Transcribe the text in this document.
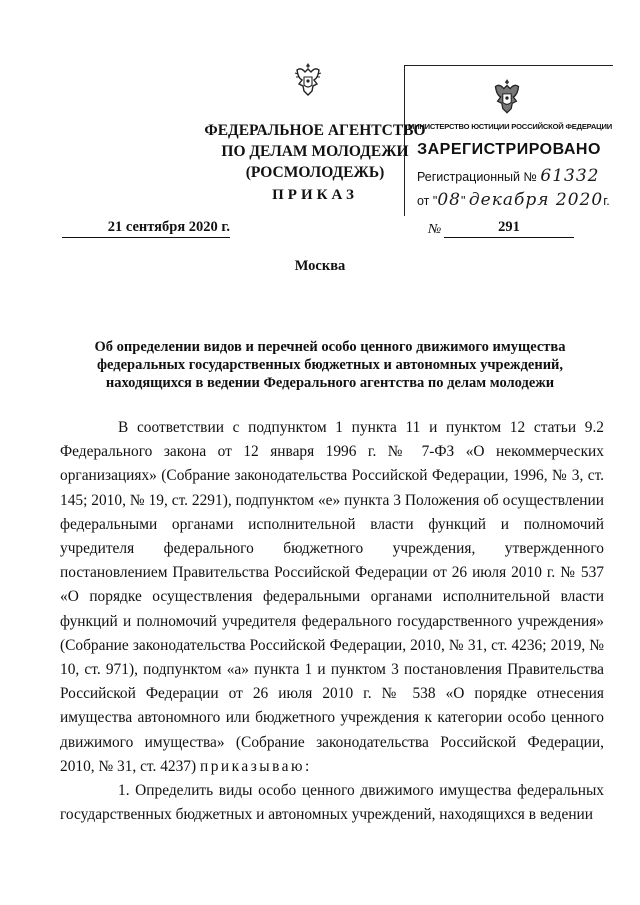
ФЕДЕРАЛЬНОЕ АГЕНТСТВО
ПО ДЕЛАМ МОЛОДЕЖИ
(РОСМОЛОДЕЖЬ)
ПРИКАЗ
21 сентября 2020 г.	№	291
Москва
МИНИСТЕРСТВО ЮСТИЦИИ РОССИЙСКОЙ ФЕДЕРАЦИИ
ЗАРЕГИСТРИРОВАНО
Регистрационный № 61332
от "08" декабря 2020г.
Об определении видов и перечней особо ценного движимого имущества
федеральных государственных бюджетных и автономных учреждений,
находящихся в ведении Федерального агентства по делам молодежи

В соответствии с подпунктом 1 пункта 11 и пунктом 12 статьи 9.2 Федерального закона от 12 января 1996 г. № 7-ФЗ «О некоммерческих организациях» (Собрание законодательства Российской Федерации, 1996, № 3, ст. 145; 2010, № 19, ст. 2291), подпунктом «е» пункта 3 Положения об осуществлении федеральными органами исполнительной власти функций и полномочий учредителя федерального бюджетного учреждения, утвержденного постановлением Правительства Российской Федерации от 26 июля 2010 г. № 537 «О порядке осуществления федеральными органами исполнительной власти функций и полномочий учредителя федерального государственного учреждения» (Собрание законодательства Российской Федерации, 2010, № 31, ст. 4236; 2019, № 10, ст. 971), подпунктом «а» пункта 1 и пунктом 3 постановления Правительства Российской Федерации от 26 июля 2010 г. № 538 «О порядке отнесения имущества автономного или бюджетного учреждения к категории особо ценного движимого имущества» (Собрание законодательства Российской Федерации, 2010, № 31, ст. 4237) приказываю:

1. Определить виды особо ценного движимого имущества федеральных государственных бюджетных и автономных учреждений, находящихся в ведении
